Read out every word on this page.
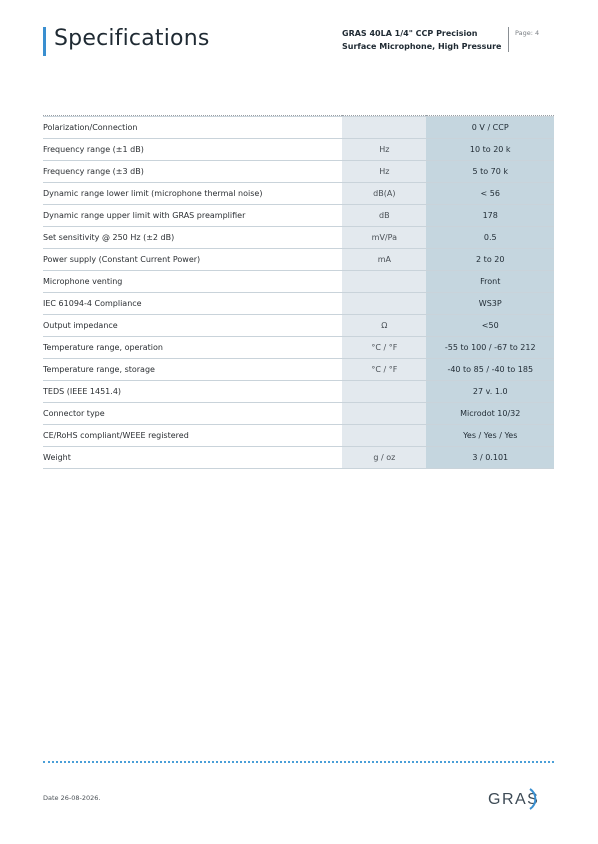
Specifications	GRAS 40LA 1/4" CCP Precision Surface Microphone, High Pressure
Page: 4

Polarization/Connection		0 V / CCP
Frequency range (±1 dB)	Hz	10 to 20 k
Frequency range (±3 dB)	Hz	5 to 70 k
Dynamic range lower limit (microphone thermal noise)	dB(A)	< 56
Dynamic range upper limit with GRAS preamplifier	dB	178
Set sensitivity @ 250 Hz (±2 dB)	mV/Pa	0.5
Power supply (Constant Current Power)	mA	2 to 20
Microphone venting		Front
IEC 61094-4 Compliance		WS3P
Output impedance	Ω	<50
Temperature range, operation	°C / °F	-55 to 100 / -67 to 212
Temperature range, storage	°C / °F	-40 to 85 / -40 to 185
TEDS (IEEE 1451.4)		27 v. 1.0
Connector type		Microdot 10/32
CE/RoHS compliant/WEEE registered		Yes / Yes / Yes
Weight	g / oz	3 / 0.101
Date 26-08-2026.	GRAS
